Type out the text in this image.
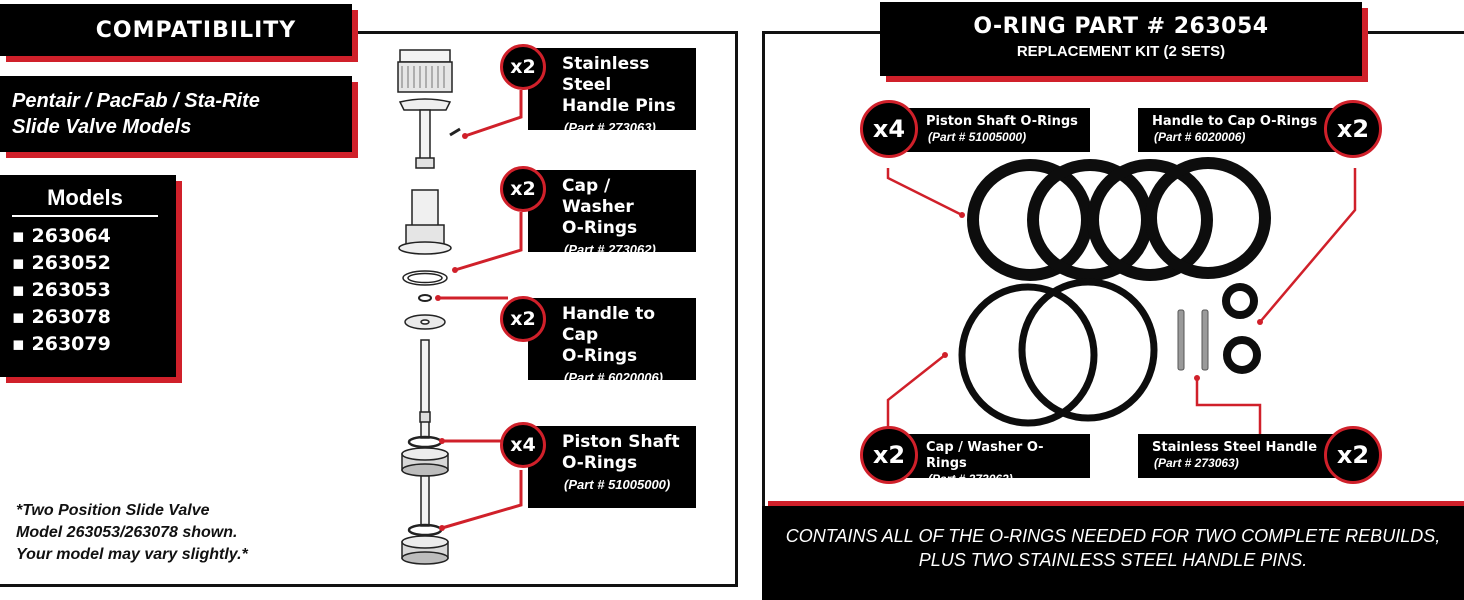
COMPATIBILITY
Pentair / PacFab / Sta-Rite
Slide Valve Models
Models
▪ 263064
▪ 263052
▪ 263053
▪ 263078
▪ 263079
*Two Position Slide Valve
Model 263053/263078 shown.
Your model may vary slightly.*
Stainless Steel
Handle Pins
(Part # 273063)
x2
Cap / Washer
O-Rings
(Part # 273062)
x2
Handle to Cap
O-Rings
(Part # 6020006)
x2
Piston Shaft
O-Rings
(Part # 51005000)
x4
O-RING PART # 263054
REPLACEMENT KIT (2 SETS)
Piston Shaft O-Rings
(Part # 51005000)
x4	Handle to Cap O-Rings
(Part # 6020006)	x2
Cap / Washer O-Rings
(Part # 273062)
x2	Stainless Steel Handle
(Part # 273063)	x2
CONTAINS ALL OF THE O-RINGS NEEDED FOR TWO COMPLETE REBUILDS,
PLUS TWO STAINLESS STEEL HANDLE PINS.
